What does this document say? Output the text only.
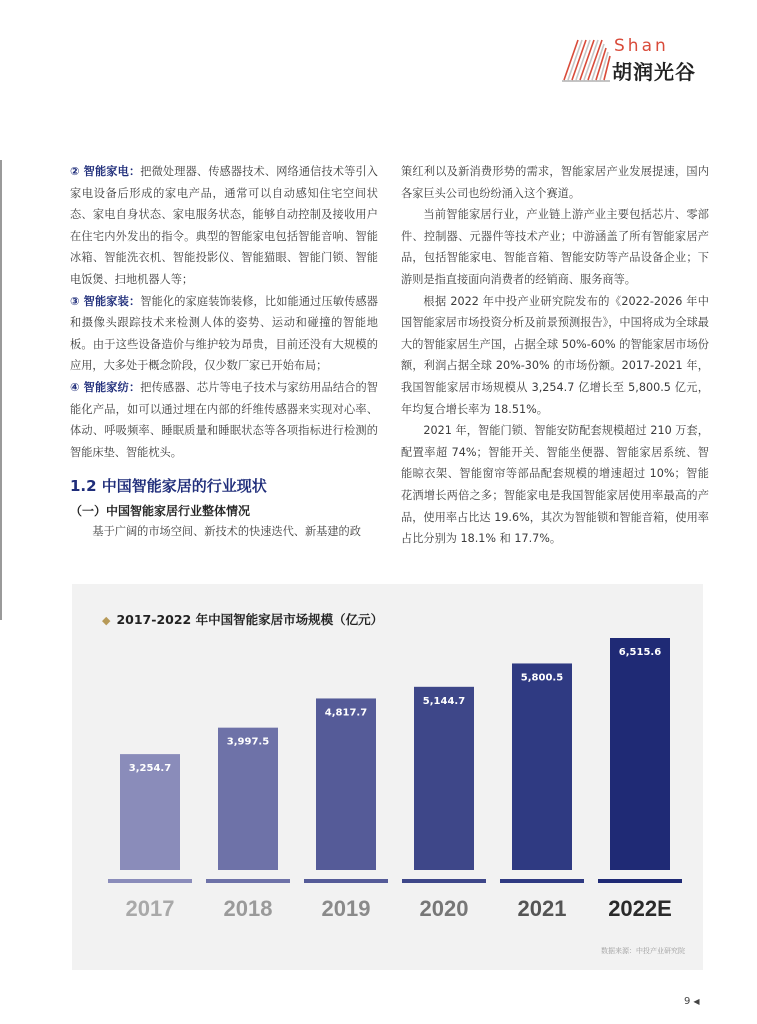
Shan
胡润光谷

② 智能家电：把微处理器、传感器技术、网络通信技术等引入家电设备后形成的家电产品，通常可以自动感知住宅空间状态、家电自身状态、家电服务状态，能够自动控制及接收用户在住宅内外发出的指令。典型的智能家电包括智能音响、智能冰箱、智能洗衣机、智能投影仪、智能猫眼、智能门锁、智能电饭煲、扫地机器人等；

③ 智能家装：智能化的家庭装饰装修，比如能通过压敏传感器和摄像头跟踪技术来检测人体的姿势、运动和碰撞的智能地板。由于这些设备造价与维护较为昂贵，目前还没有大规模的应用，大多处于概念阶段，仅少数厂家已开始布局；

④ 智能家纺：把传感器、芯片等电子技术与家纺用品结合的智能化产品，如可以通过埋在内部的纤维传感器来实现对心率、体动、呼吸频率、睡眠质量和睡眠状态等各项指标进行检测的智能床垫、智能枕头。

1.2 中国智能家居的行业现状
（一）中国智能家居行业整体情况

基于广阔的市场空间、新技术的快速迭代、新基建的政

策红利以及新消费形势的需求，智能家居产业发展提速，国内各家巨头公司也纷纷涌入这个赛道。

当前智能家居行业，产业链上游产业主要包括芯片、零部件、控制器、元器件等技术产业；中游涵盖了所有智能家居产品，包括智能家电、智能音箱、智能安防等产品设备企业；下游则是指直接面向消费者的经销商、服务商等。

根据 2022 年中投产业研究院发布的《2022-2026 年中国智能家居市场投资分析及前景预测报告》，中国将成为全球最大的智能家居生产国，占据全球 50%-60% 的智能家居市场份额，利润占据全球 20%-30% 的市场份额。2017-2021 年，我国智能家居市场规模从 3,254.7 亿增长至 5,800.5 亿元，年均复合增长率为 18.51%。

2021 年，智能门锁、智能安防配套规模超过 210 万套，配置率超 74%；智能开关、智能坐便器、智能家居系统、智能晾衣架、智能窗帘等部品配套规模的增速超过 10%；智能花洒增长两倍之多；智能家电是我国智能家居使用率最高的产品，使用率占比达 19.6%，其次为智能锁和智能音箱，使用率占比分别为 18.1% 和 17.7%。

◆ 2017-2022 年中国智能家居市场规模（亿元）
3,254.7
2017
3,997.5
2018
4,817.7
2019
5,144.7
2020
5,800.5
2021
6,515.6
2022E
数据来源：中投产业研究院
9 ◀
